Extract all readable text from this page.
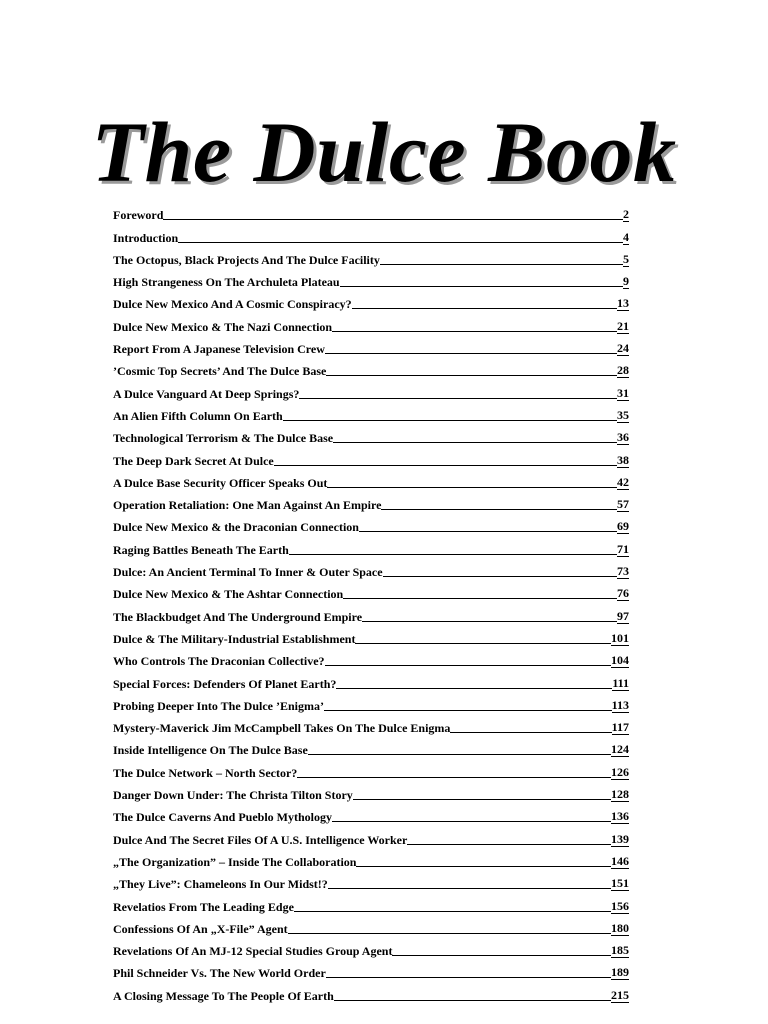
The Dulce Book
Foreword	2
Introduction	4
The Octopus, Black Projects And The Dulce Facility	5
High Strangeness On The Archuleta Plateau	9
Dulce New Mexico And A Cosmic Conspiracy?	13
Dulce New Mexico & The Nazi Connection	21
Report From A Japanese Television Crew	24
’Cosmic Top Secrets’ And The Dulce Base	28
A Dulce Vanguard At Deep Springs?	31
An Alien Fifth Column On Earth	35
Technological Terrorism & The Dulce Base	36
The Deep Dark Secret At Dulce	38
A Dulce Base Security Officer Speaks Out	42
Operation Retaliation: One Man Against An Empire	57
Dulce New Mexico & the Draconian Connection	69
Raging Battles Beneath The Earth	71
Dulce: An Ancient Terminal To Inner & Outer Space	73
Dulce New Mexico & The Ashtar Connection	76
The Blackbudget And The Underground Empire	97
Dulce & The Military-Industrial Establishment	101
Who Controls The Draconian Collective?	104
Special Forces: Defenders Of Planet Earth?	111
Probing Deeper Into The Dulce ’Enigma’	113
Mystery-Maverick Jim McCampbell Takes On The Dulce Enigma	117
Inside Intelligence On The Dulce Base	124
The Dulce Network – North Sector?	126
Danger Down Under: The Christa Tilton Story	128
The Dulce Caverns And Pueblo Mythology	136
Dulce And The Secret Files Of A U.S. Intelligence Worker	139
„The Organization” – Inside The Collaboration	146
„They Live”: Chameleons In Our Midst!?	151
Revelatios From The Leading Edge	156
Confessions Of An „X-File” Agent	180
Revelations Of An MJ-12 Special Studies Group Agent	185
Phil Schneider Vs. The New World Order	189
A Closing Message To The People Of Earth	215
